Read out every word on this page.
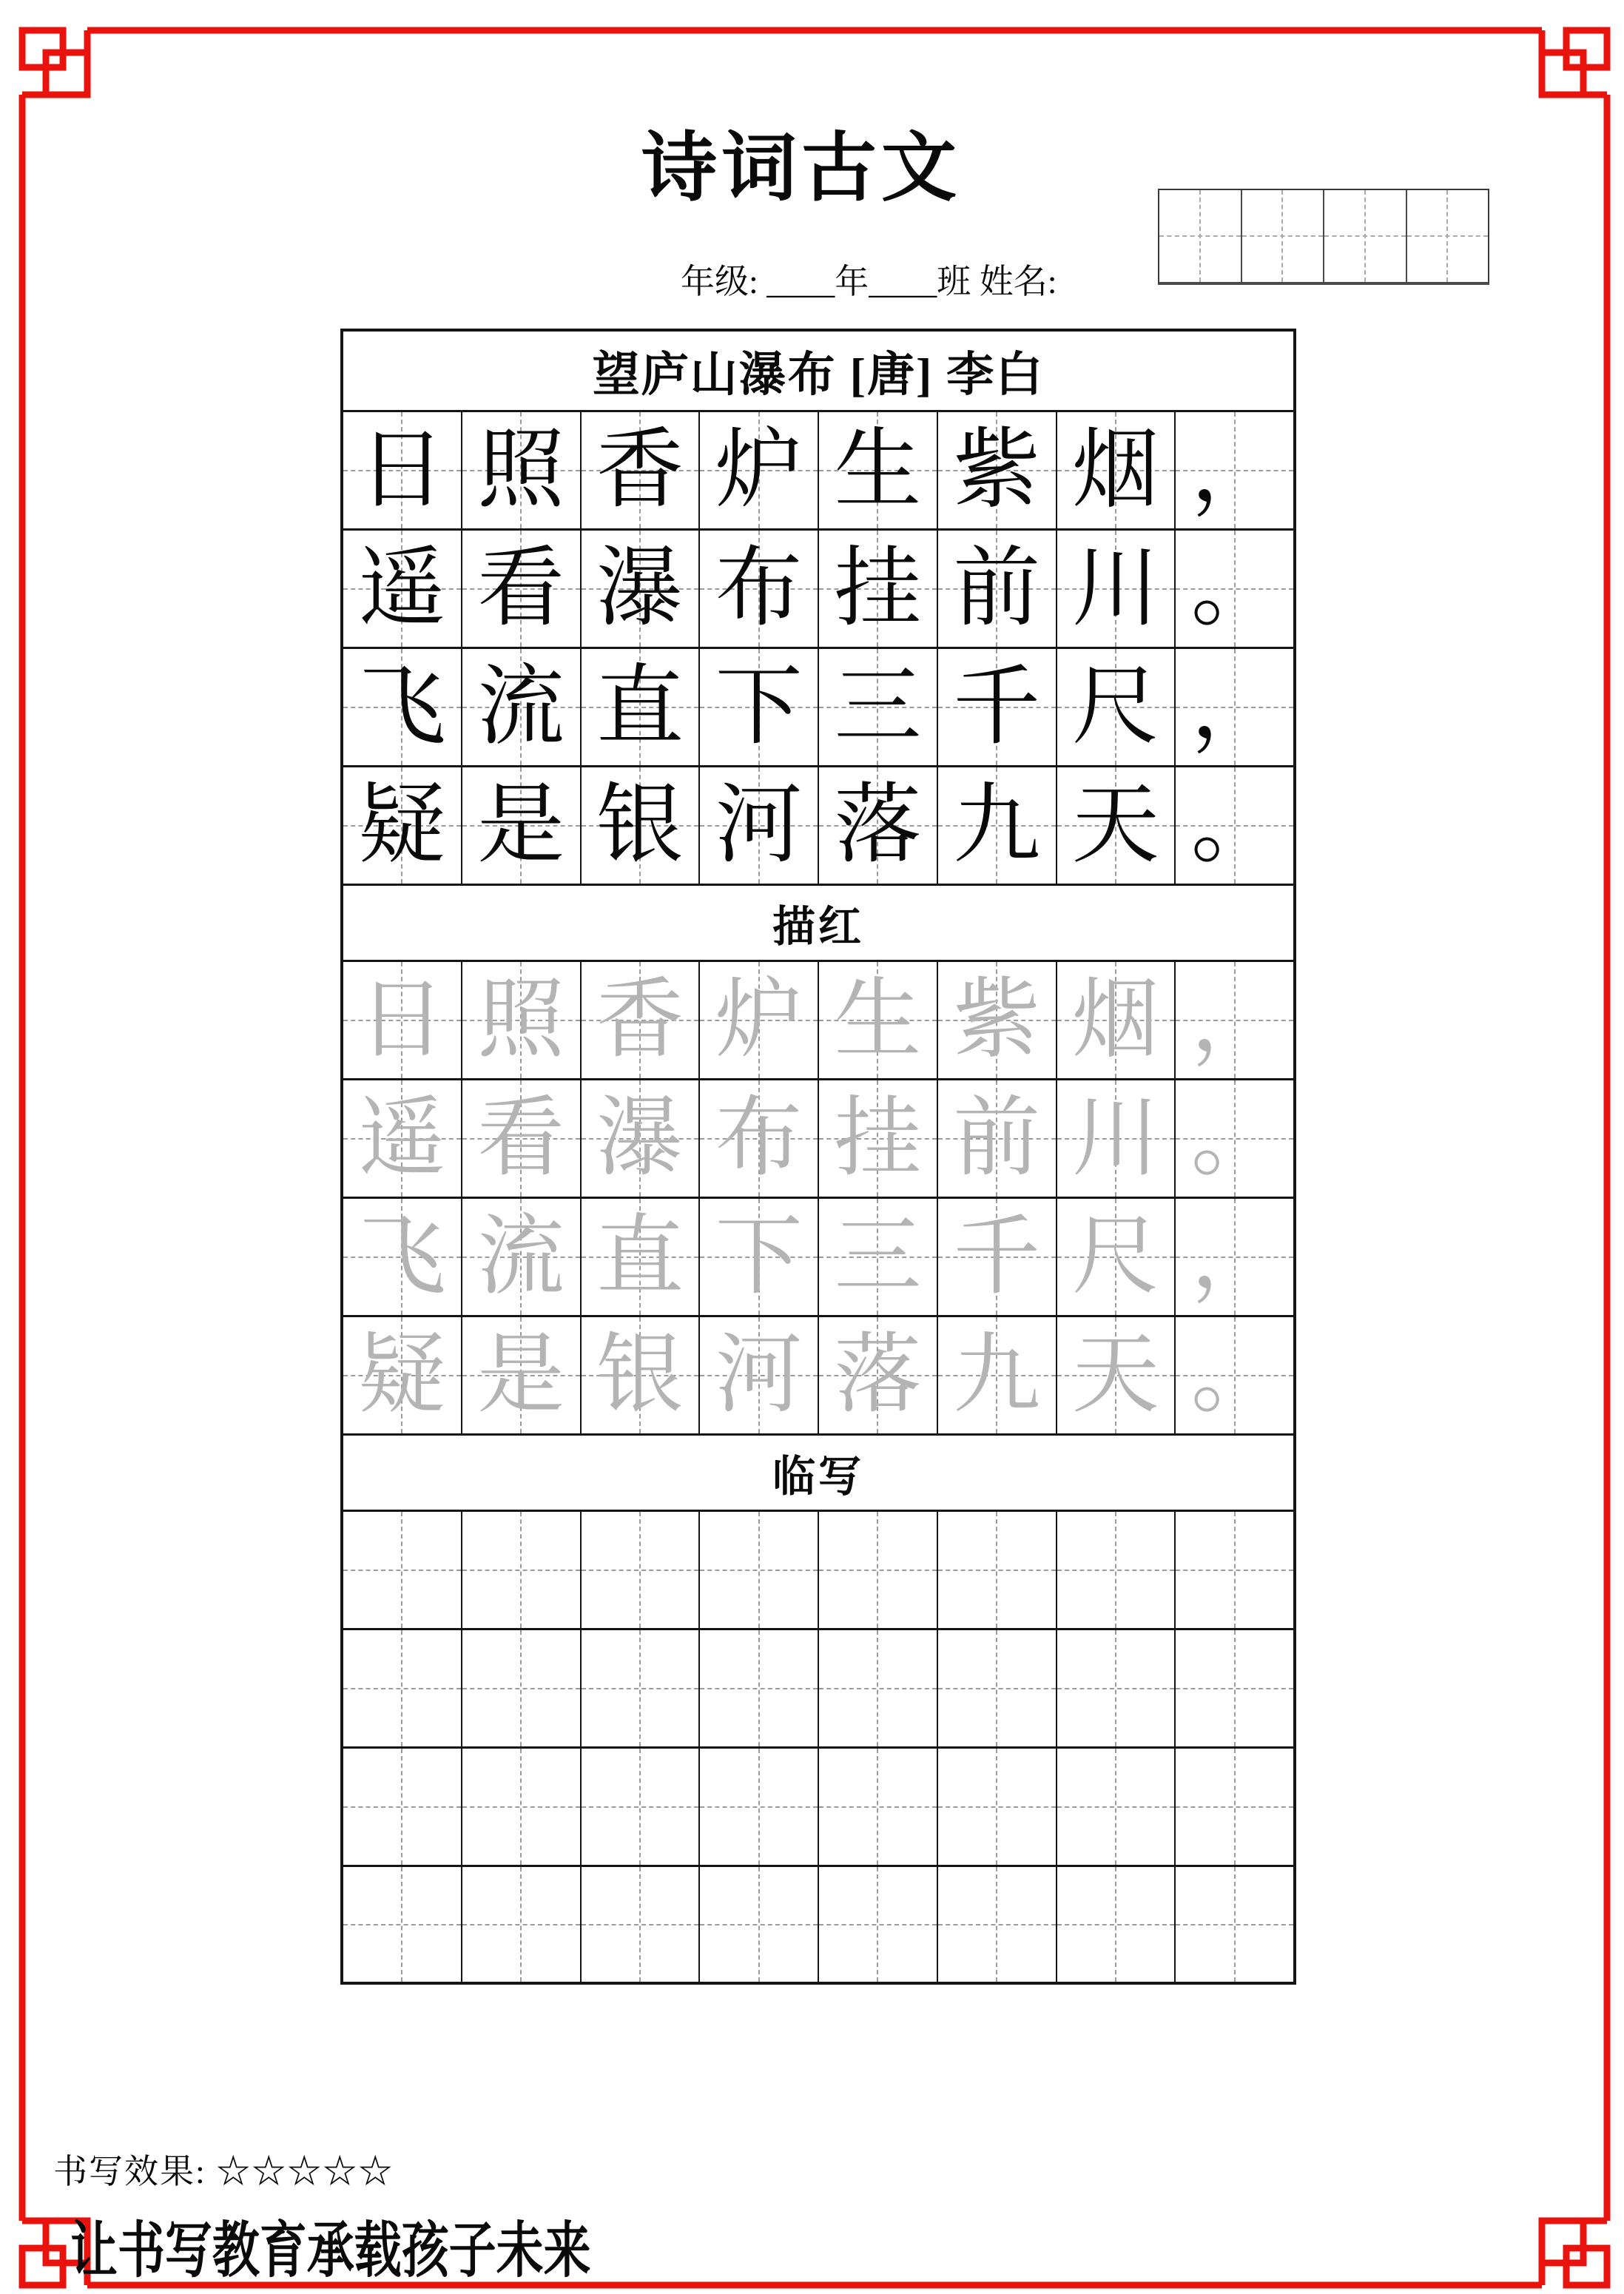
诗词古文
年级: ____年____班 姓名:
望庐山瀑布 [唐] 李白
日 照 香 炉 生 紫 烟 ，
遥 看 瀑 布 挂 前 川 。
飞 流 直 下 三 千 尺 ，
疑 是 银 河 落 九 天 。
描红
日 照 香 炉 生 紫 烟 ，
遥 看 瀑 布 挂 前 川 。
飞 流 直 下 三 千 尺 ，
疑 是 银 河 落 九 天 。
临写
书写效果: ☆☆☆☆☆
让书写教育承载孩子未来
